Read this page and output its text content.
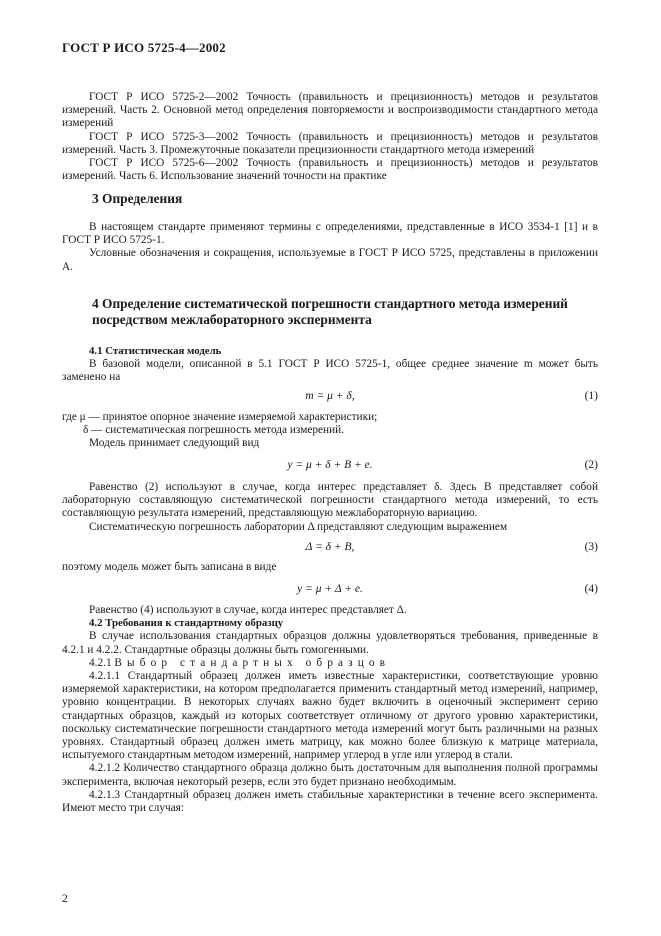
ГОСТ Р ИСО 5725-4—2002

ГОСТ Р ИСО 5725-2—2002 Точность (правильность и прецизионность) методов и результатов измерений. Часть 2. Основной метод определения повторяемости и воспроизводимости стандартного метода измерений

ГОСТ Р ИСО 5725-3—2002 Точность (правильность и прецизионность) методов и результатов измерений. Часть 3. Промежуточные показатели прецизионности стандартного метода измерений

ГОСТ Р ИСО 5725-6—2002 Точность (правильность и прецизионность) методов и результатов измерений. Часть 6. Использование значений точности на практике

3 Определения

В настоящем стандарте применяют термины с определениями, представленные в ИСО 3534-1 [1] и в ГОСТ Р ИСО 5725-1.

Условные обозначения и сокращения, используемые в ГОСТ Р ИСО 5725, представлены в приложении А.

4 Определение систематической погрешности стандартного метода измерений
посредством межлабораторного эксперимента

4.1 Статистическая модель

В базовой модели, описанной в 5.1 ГОСТ Р ИСО 5725-1, общее среднее значение m может быть заменено на

m = μ + δ,	(1)

где μ — принятое опорное значение измеряемой характеристики;

δ — систематическая погрешность метода измерений.

Модель принимает следующий вид

y = μ + δ + B + e.	(2)

Равенство (2) используют в случае, когда интерес представляет δ. Здесь B представляет собой лабораторную составляющую систематической погрешности стандартного метода измерений, то есть составляющую результата измерений, представляющую межлабораторную вариацию.

Систематическую погрешность лаборатории Δ представляют следующим выражением

Δ = δ + B,	(3)

поэтому модель может быть записана в виде

y = μ + Δ + e.	(4)

Равенство (4) используют в случае, когда интерес представляет Δ.

4.2 Требования к стандартному образцу

В случае использования стандартных образцов должны удовлетворяться требования, приведенные в 4.2.1 и 4.2.2. Стандартные образцы должны быть гомогенными.

4.2.1 Выбор стандартных образцов

4.2.1.1 Стандартный образец должен иметь известные характеристики, соответствующие уровню измеряемой характеристики, на котором предполагается применить стандартный метод измерений, например, уровню концентрации. В некоторых случаях важно будет включить в оценочный эксперимент серию стандартных образцов, каждый из которых соответствует отличному от другого уровню характеристики, поскольку систематические погрешности стандартного метода измерений могут быть различными на разных уровнях. Стандартный образец должен иметь матрицу, как можно более близкую к матрице материала, испытуемого стандартным методом измерений, например углерод в угле или углерод в стали.

4.2.1.2 Количество стандартного образца должно быть достаточным для выполнения полной программы эксперимента, включая некоторый резерв, если это будет признано необходимым.

4.2.1.3 Стандартный образец должен иметь стабильные характеристики в течение всего эксперимента. Имеют место три случая:

2
